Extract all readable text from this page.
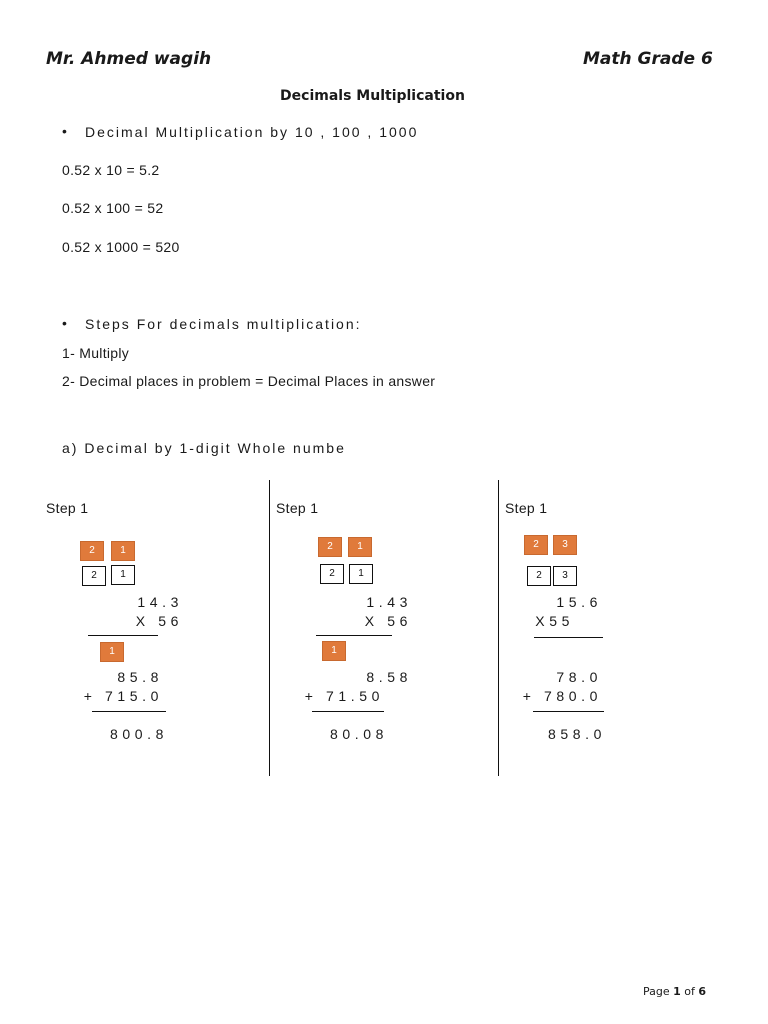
Mr. Ahmed wagih	Math Grade 6
Decimals Multiplication
• Decimal Multiplication by 10 , 100 , 1000
0.52 x 10 = 5.2
0.52 x 100 = 52
0.52 x 1000 = 520
• Steps For decimals multiplication:
1- Multiply
2- Decimal places in problem = Decimal Places in answer
a) Decimal by 1-digit Whole numbe
Step 1
2	1
2	1
14.3
X 56
1
85.8
+ 715.0
800.8
Step 1
2	1
2	1
1.43
X 56
1
8.58
+ 71.50
80.08
Step 1
2	3
2	3
15.6
X55
78.0
+ 780.0
858.0
Page 1 of 6
